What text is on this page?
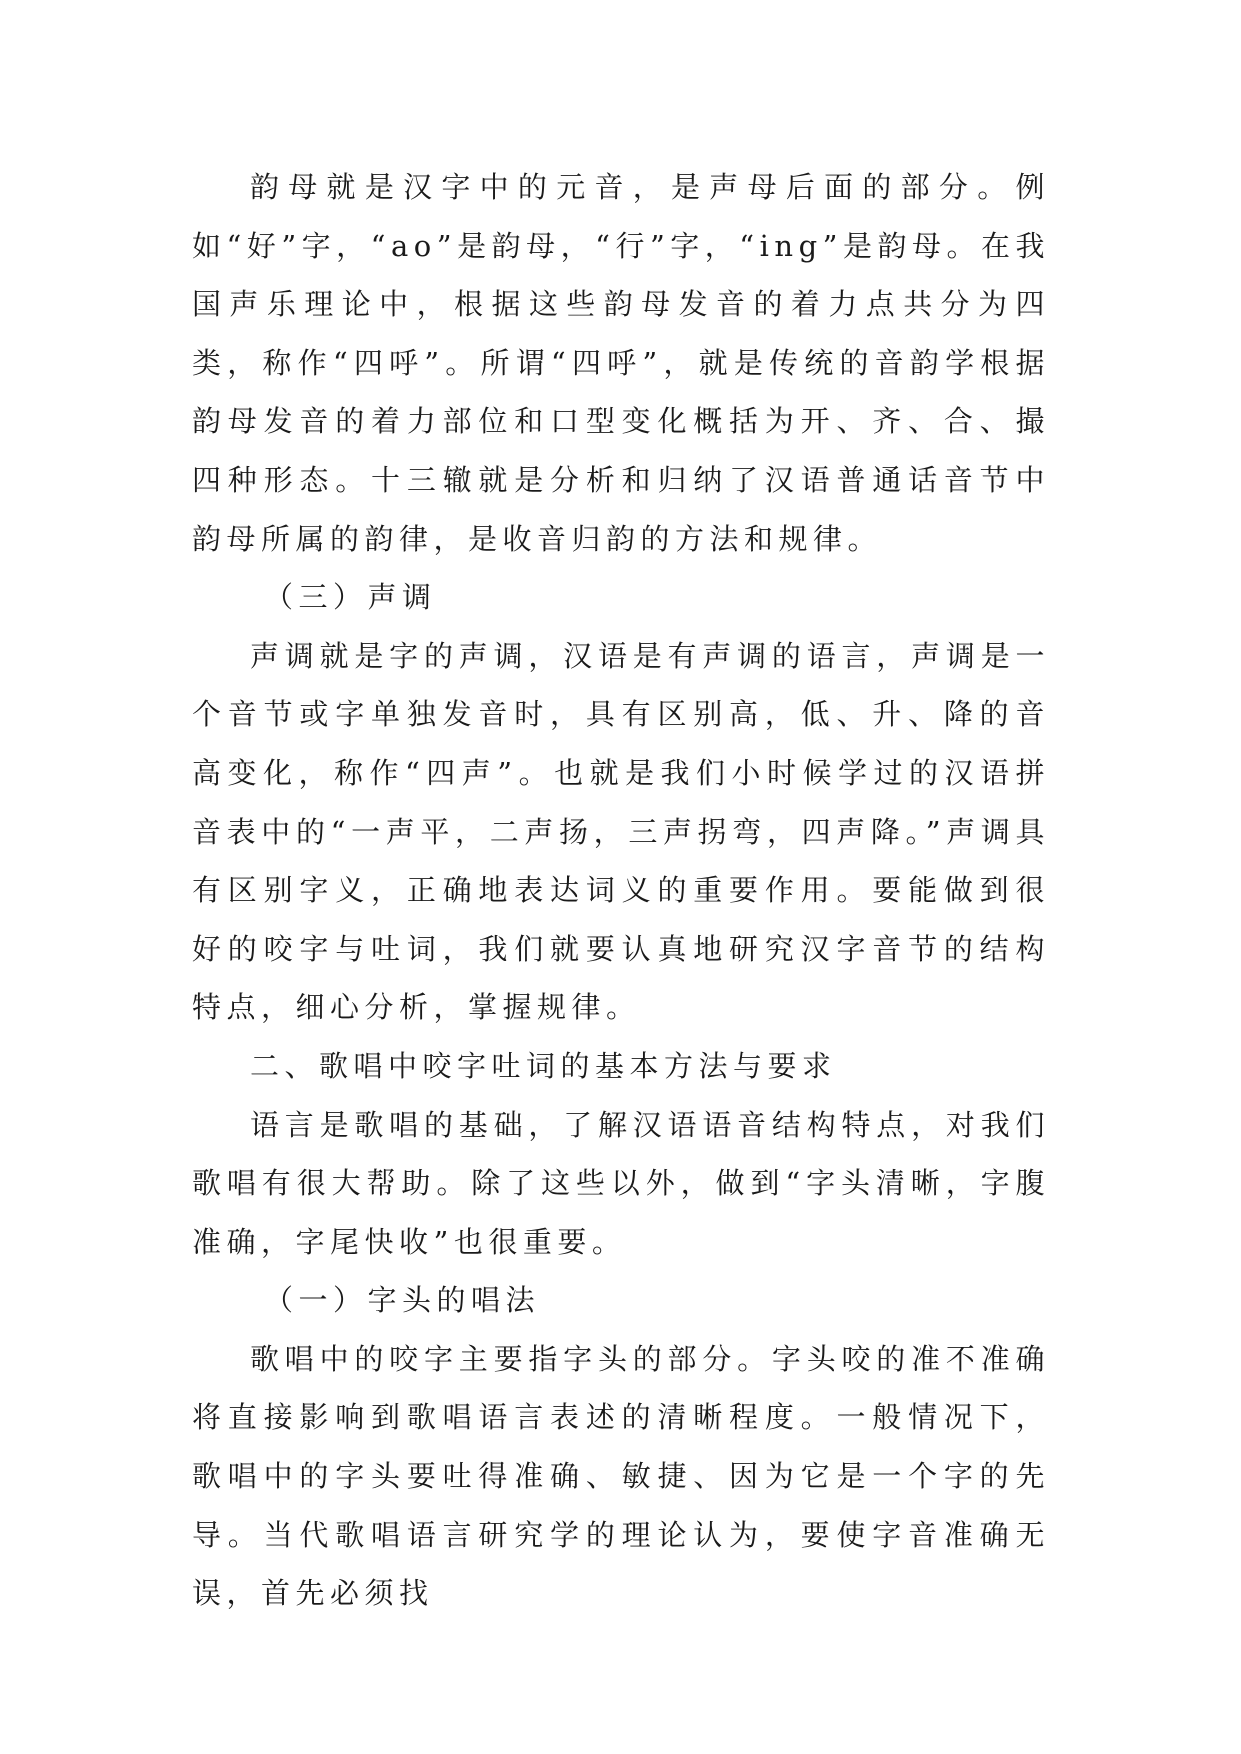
韵母就是汉字中的元音，是声母后面的部分。例如“好”字，“ao”是韵母，“行”字，“ing”是韵母。在我国声乐理论中，根据这些韵母发音的着力点共分为四类，称作“四呼”。所谓“四呼”，就是传统的音韵学根据韵母发音的着力部位和口型变化概括为开、齐、合、撮四种形态。十三辙就是分析和归纳了汉语普通话音节中韵母所属的韵律，是收音归韵的方法和规律。

（三）声调

声调就是字的声调，汉语是有声调的语言，声调是一个音节或字单独发音时，具有区别高，低、升、降的音高变化，称作“四声”。也就是我们小时候学过的汉语拼音表中的“一声平，二声扬，三声拐弯，四声降。”声调具有区别字义，正确地表达词义的重要作用。要能做到很好的咬字与吐词，我们就要认真地研究汉字音节的结构特点，细心分析，掌握规律。

二、歌唱中咬字吐词的基本方法与要求

语言是歌唱的基础，了解汉语语音结构特点，对我们歌唱有很大帮助。除了这些以外，做到“字头清晰，字腹准确，字尾快收”也很重要。

（一）字头的唱法

歌唱中的咬字主要指字头的部分。字头咬的准不准确将直接影响到歌唱语言表述的清晰程度。一般情况下，歌唱中的字头要吐得准确、敏捷、因为它是一个字的先导。当代歌唱语言研究学的理论认为，要使字音准确无误，首先必须找
